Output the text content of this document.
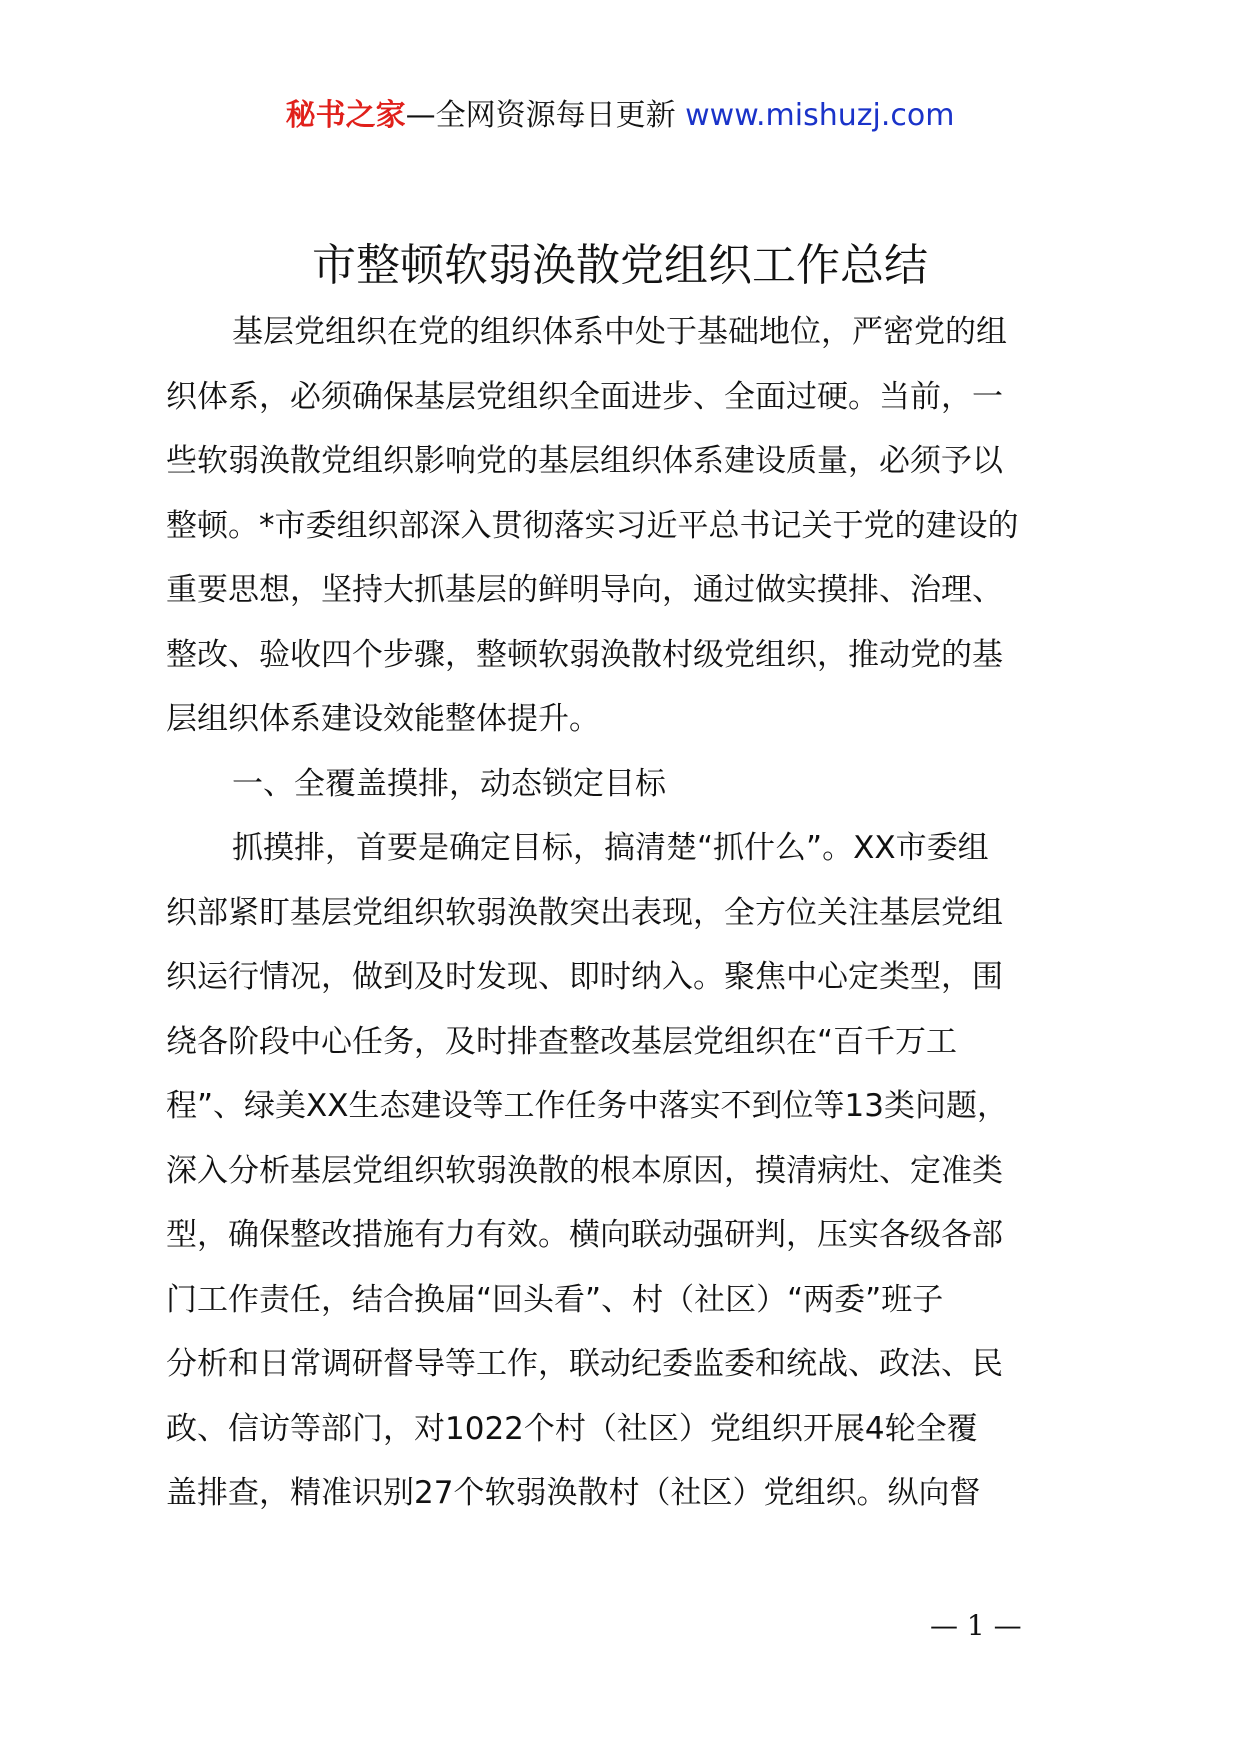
秘书之家—全网资源每日更新 www.mishuzj.com
市整顿软弱涣散党组织工作总结
基层党组织在党的组织体系中处于基础地位，严密党的组
织体系，必须确保基层党组织全面进步、全面过硬。当前，一
些软弱涣散党组织影响党的基层组织体系建设质量，必须予以
整顿。*市委组织部深入贯彻落实习近平总书记关于党的建设的
重要思想，坚持大抓基层的鲜明导向，通过做实摸排、治理、
整改、验收四个步骤，整顿软弱涣散村级党组织，推动党的基
层组织体系建设效能整体提升。
一、全覆盖摸排，动态锁定目标
抓摸排，首要是确定目标，搞清楚“抓什么”。XX市委组
织部紧盯基层党组织软弱涣散突出表现，全方位关注基层党组
织运行情况，做到及时发现、即时纳入。聚焦中心定类型，围
绕各阶段中心任务，及时排查整改基层党组织在“百千万工
程”、绿美XX生态建设等工作任务中落实不到位等13类问题，
深入分析基层党组织软弱涣散的根本原因，摸清病灶、定准类
型，确保整改措施有力有效。横向联动强研判，压实各级各部
门工作责任，结合换届“回头看”、村（社区）“两委”班子
分析和日常调研督导等工作，联动纪委监委和统战、政法、民
政、信访等部门，对1022个村（社区）党组织开展4轮全覆
盖排查，精准识别27个软弱涣散村（社区）党组织。纵向督
— 1 —
